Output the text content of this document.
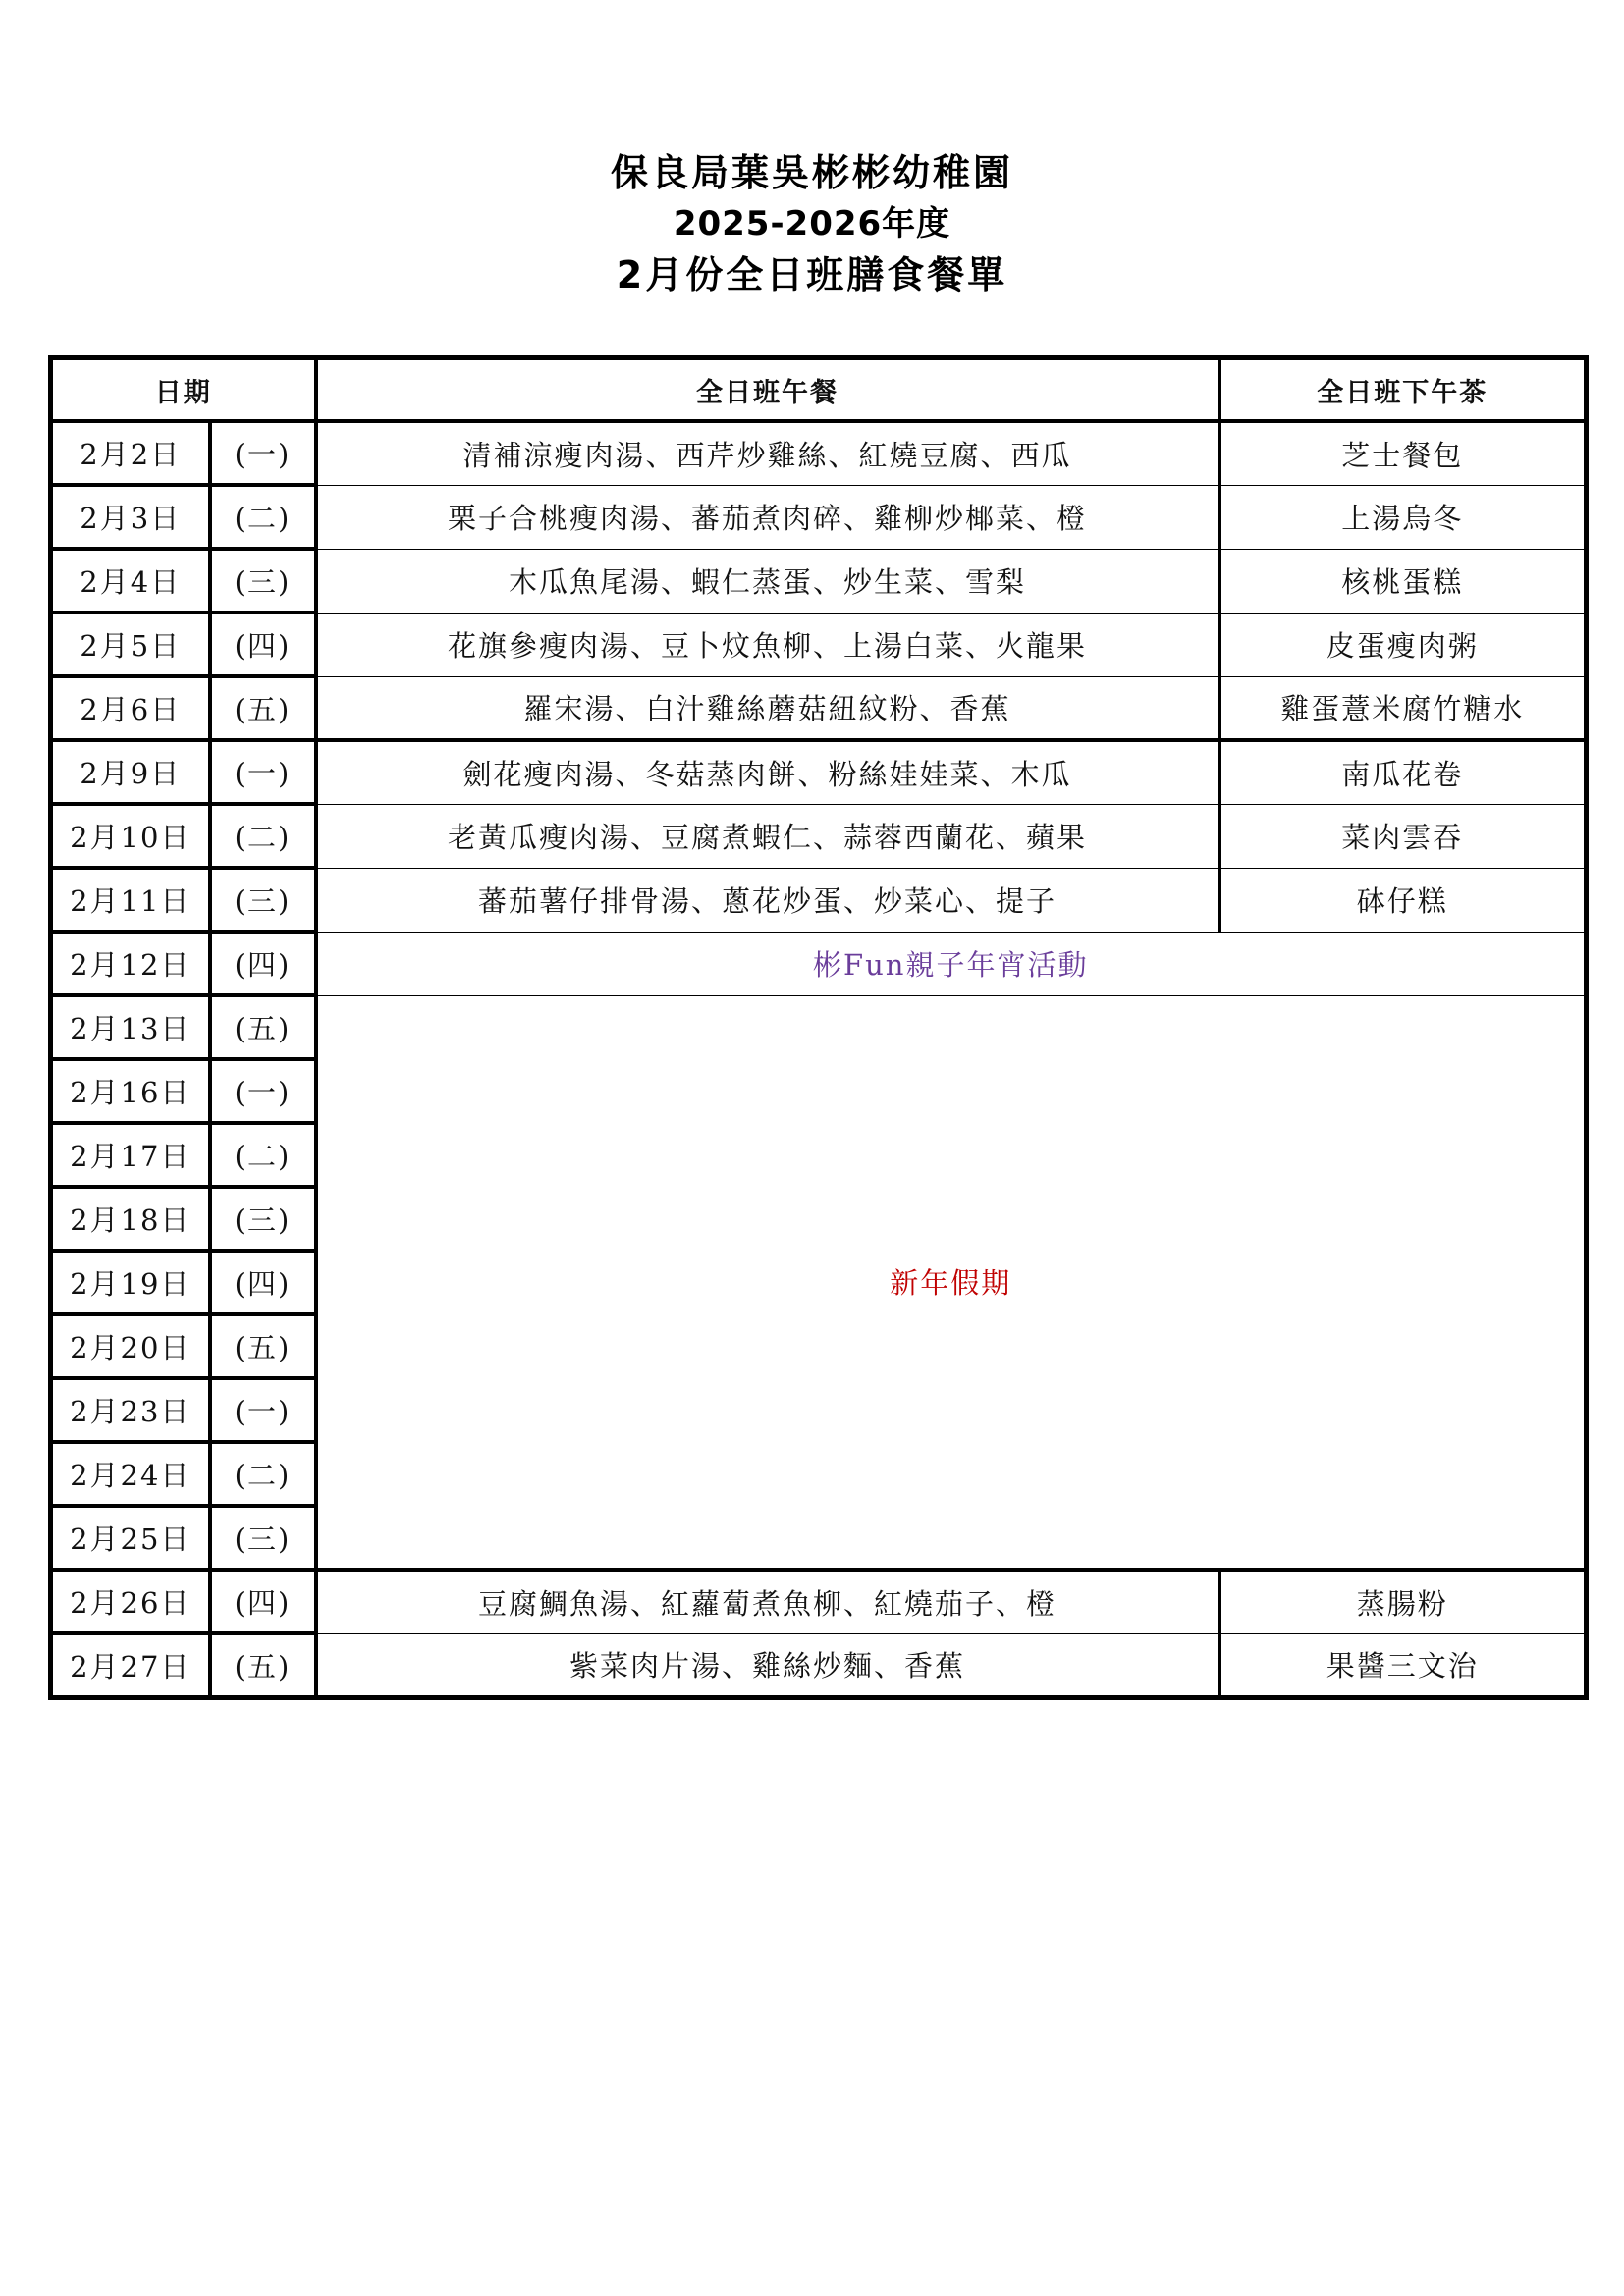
保良局葉吳彬彬幼稚園
2025-2026年度
2月份全日班膳食餐單
日期		全日班午餐	全日班下午茶
2月2日	(一)	清補涼瘦肉湯、西芹炒雞絲、紅燒豆腐、西瓜	芝士餐包
2月3日	(二)	栗子合桃瘦肉湯、蕃茄煮肉碎、雞柳炒椰菜、橙	上湯烏冬
2月4日	(三)	木瓜魚尾湯、蝦仁蒸蛋、炒生菜、雪梨	核桃蛋糕
2月5日	(四)	花旗參瘦肉湯、豆卜炆魚柳、上湯白菜、火龍果	皮蛋瘦肉粥
2月6日	(五)	羅宋湯、白汁雞絲蘑菇紐紋粉、香蕉	雞蛋薏米腐竹糖水
2月9日	(一)	劍花瘦肉湯、冬菇蒸肉餅、粉絲娃娃菜、木瓜	南瓜花卷
2月10日	(二)	老黃瓜瘦肉湯、豆腐煮蝦仁、蒜蓉西蘭花、蘋果	菜肉雲吞
2月11日	(三)	蕃茄薯仔排骨湯、蔥花炒蛋、炒菜心、提子	砵仔糕
2月12日	(四)	彬Fun親子年宵活動	
2月13日	(五)	新年假期	
2月16日	(一)		
2月17日	(二)		
2月18日	(三)		
2月19日	(四)		
2月20日	(五)		
2月23日	(一)		
2月24日	(二)		
2月25日	(三)		
2月26日	(四)	豆腐鯛魚湯、紅蘿蔔煮魚柳、紅燒茄子、橙	蒸腸粉
2月27日	(五)	紫菜肉片湯、雞絲炒麵、香蕉	果醬三文治
